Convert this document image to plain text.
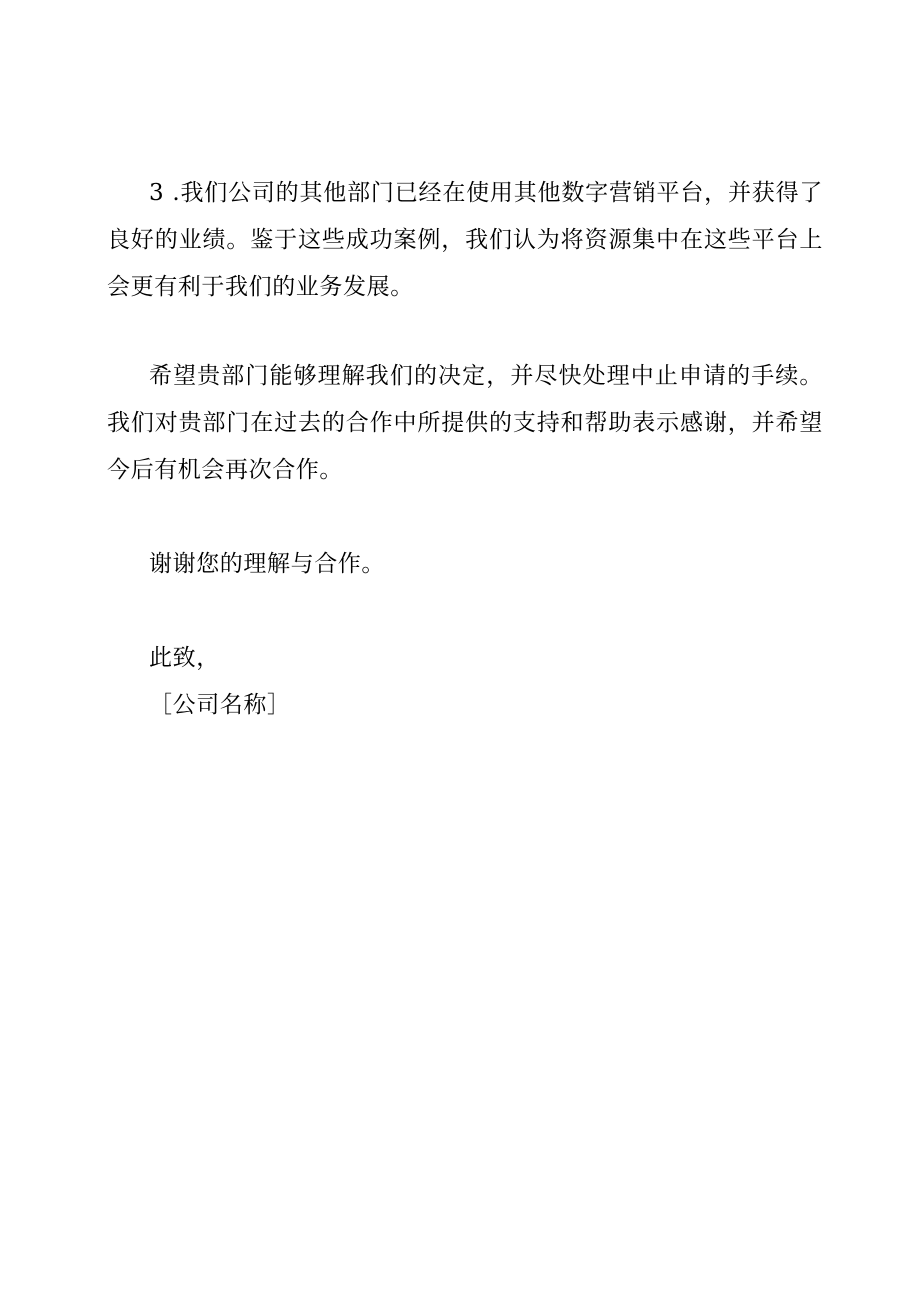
3 .我们公司的其他部门已经在使用其他数字营销平台，并获得了良好的业绩。鉴于这些成功案例，我们认为将资源集中在这些平台上会更有利于我们的业务发展。

希望贵部门能够理解我们的决定，并尽快处理中止申请的手续。我们对贵部门在过去的合作中所提供的支持和帮助表示感谢，并希望今后有机会再次合作。

谢谢您的理解与合作。

此致，

［公司名称］
